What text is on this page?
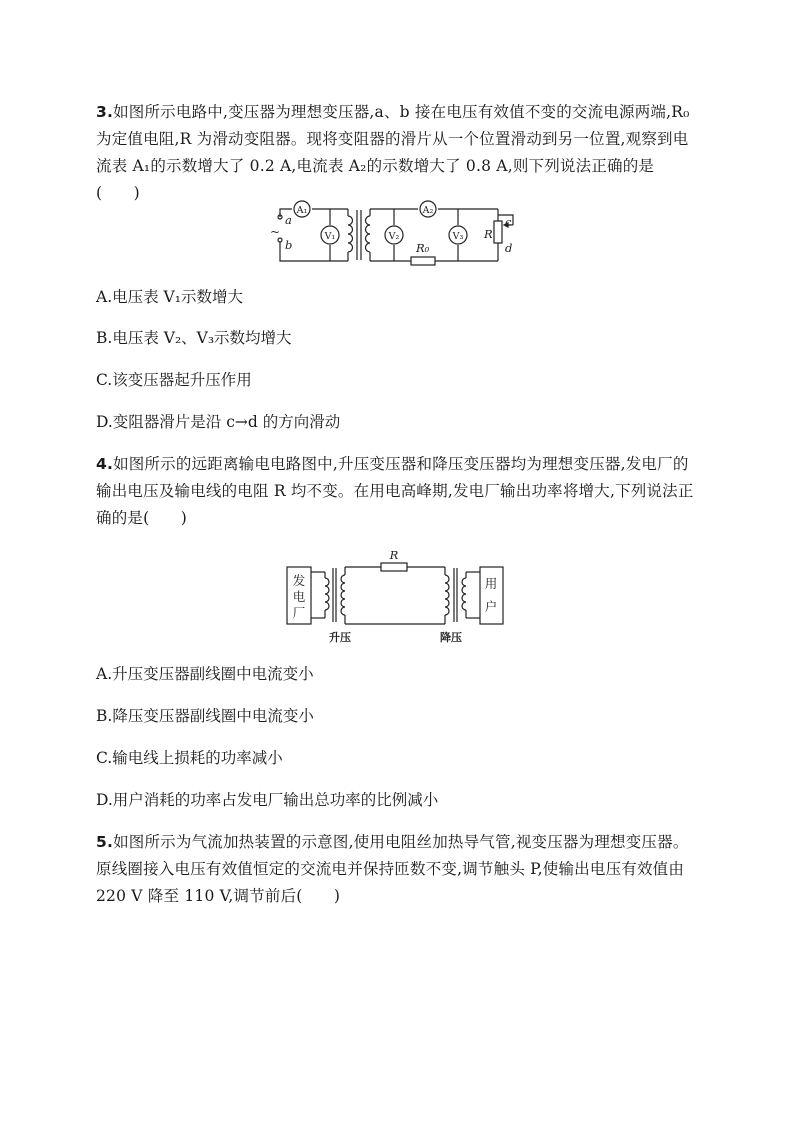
3.如图所示电路中,变压器为理想变压器,a、b 接在电压有效值不变的交流电源两端,R₀
为定值电阻,R 为滑动变阻器。现将变阻器的滑片从一个位置滑动到另一位置,观察到电
流表 A₁的示数增大了 0.2 A,电流表 A₂的示数增大了 0.8 A,则下列说法正确的是(　　)
A₁	A₂
V₁	V₂	V₃
a
b	R₀
R
c
d
~
A.电压表 V₁示数增大
B.电压表 V₂、V₃示数均增大
C.该变压器起升压作用
D.变阻器滑片是沿 c→d 的方向滑动
4.如图所示的远距离输电电路图中,升压变压器和降压变压器均为理想变压器,发电厂的
输出电压及输电线的电阻 R 均不变。在用电高峰期,发电厂输出功率将增大,下列说法正
确的是(　　)
发
电
厂
用
户
R
升压	降压
A.升压变压器副线圈中电流变小
B.降压变压器副线圈中电流变小
C.输电线上损耗的功率减小
D.用户消耗的功率占发电厂输出总功率的比例减小
5.如图所示为气流加热装置的示意图,使用电阻丝加热导气管,视变压器为理想变压器。
原线圈接入电压有效值恒定的交流电并保持匝数不变,调节触头 P,使输出电压有效值由
220 V 降至 110 V,调节前后(　　)
